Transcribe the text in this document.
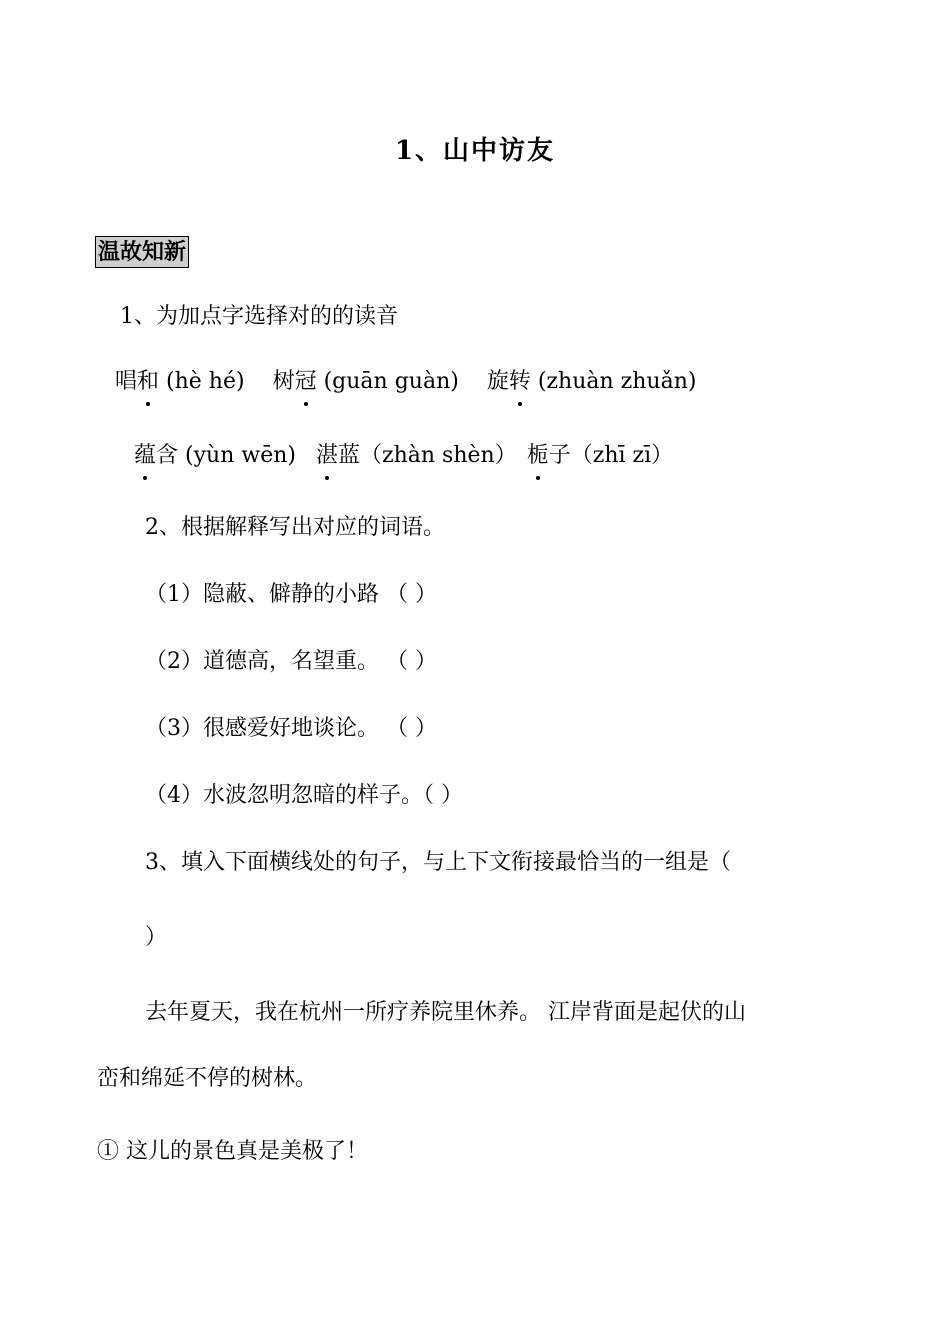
1、山中访友
温故知新
1、为加点字选择对的的读音
唱和 (hè hé) 树冠 (guān guàn) 旋转 (zhuàn zhuǎn)
蕴含 (yùn wēn) 湛蓝（zhàn shèn） 栀子（zhī zī）
2、根据解释写出对应的词语。
（1）隐蔽、僻静的小路 （ ）
（2）道德高，名望重。 （ ）
（3）很感爱好地谈论。 （ ）
（4）水波忽明忽暗的样子。（ ）
3、填入下面横线处的句子，与上下文衔接最恰当的一组是（
）
去年夏天，我在杭州一所疗养院里休养。 江岸背面是起伏的山
峦和绵延不停的树林。
① 这儿的景色真是美极了！
